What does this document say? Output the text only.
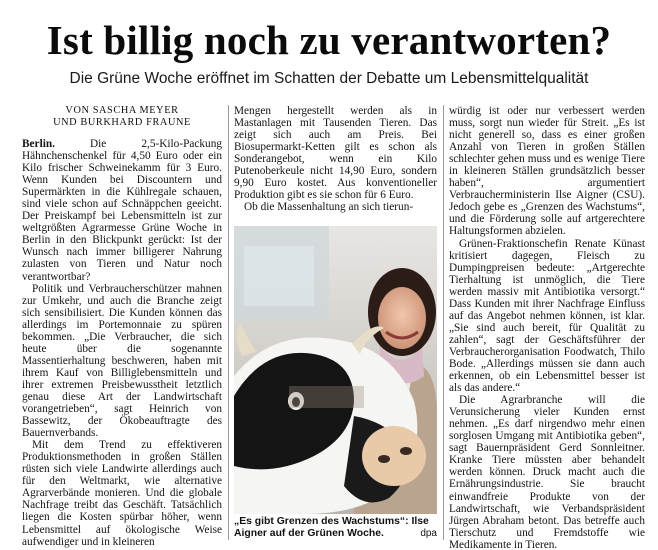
Ist billig noch zu verantworten?
Die Grüne Woche eröffnet im Schatten der Debatte um Lebensmittelqualität
VON SASCHA MEYER
UND BURKHARD FRAUNE

Berlin. Die 2,5-Kilo-Packung Hähnchenschenkel für 4,50 Euro oder ein Kilo frischer Schweinekamm für 3 Euro. Wenn Kunden bei Discountern und Supermärkten in die Kühlregale schauen, sind viele schon auf Schnäppchen geeicht. Der Preiskampf bei Lebensmitteln ist zur weltgrößten Agrarmesse Grüne Woche in Berlin in den Blickpunkt gerückt: Ist der Wunsch nach immer billigerer Nahrung zulasten von Tieren und Natur noch verantwortbar?

Politik und Verbraucherschützer mahnen zur Umkehr, und auch die Branche zeigt sich sensibilisiert. Die Kunden können das allerdings im Portemonnaie zu spüren bekommen. „Die Verbraucher, die sich heute über die sogenannte Massentierhaltung beschweren, haben mit ihrem Kauf von Billiglebensmitteln und ihrer extremen Preisbewusstheit letztlich genau diese Art der Landwirtschaft vorangetrieben“, sagt Heinrich von Bassewitz, der Ökobeauftragte des Bauernverbands.

Mit dem Trend zu effektiveren Produktionsmethoden in großen Ställen rüsten sich viele Landwirte allerdings auch für den Weltmarkt, wie alternative Agrarverbände monieren. Und die globale Nachfrage treibt das Geschäft. Tatsächlich liegen die Kosten spürbar höher, wenn Lebensmittel auf ökologische Weise aufwendiger und in kleineren

Mengen hergestellt werden als in Mastanlagen mit Tausenden Tieren. Das zeigt sich auch am Preis. Bei Biosupermarkt-Ketten gilt es schon als Sonderangebot, wenn ein Kilo Putenoberkeule nicht 14,90 Euro, sondern 9,90 Euro kostet. Aus konventioneller Produktion gibt es sie schon für 6 Euro.

Ob die Massenhaltung an sich tierun-

„Es gibt Grenzen des Wachstums“: Ilse Aigner auf der Grünen Woche.	dpa

würdig ist oder nur verbessert werden muss, sorgt nun wieder für Streit. „Es ist nicht generell so, dass es einer großen Anzahl von Tieren in großen Ställen schlechter gehen muss und es wenige Tiere in kleineren Ställen grundsätzlich besser haben“, argumentiert Verbraucherministerin Ilse Aigner (CSU). Jedoch gebe es „Grenzen des Wachstums“, und die Förderung solle auf artgerechtere Haltungsformen abzielen.

Grünen-Fraktionschefin Renate Künast kritisiert dagegen, Fleisch zu Dumpingpreisen bedeute: „Artgerechte Tierhaltung ist unmöglich, die Tiere werden massiv mit Antibiotika versorgt.“ Dass Kunden mit ihrer Nachfrage Einfluss auf das Angebot nehmen können, ist klar. „Sie sind auch bereit, für Qualität zu zahlen“, sagt der Geschäftsführer der Verbraucherorganisation Foodwatch, Thilo Bode. „Allerdings müssen sie dann auch erkennen, ob ein Lebensmittel besser ist als das andere.“

Die Agrarbranche will die Verunsicherung vieler Kunden ernst nehmen. „Es darf nirgendwo mehr einen sorglosen Umgang mit Antibiotika geben“, sagt Bauernpräsident Gerd Sonnleitner. Kranke Tiere müssten aber behandelt werden können. Druck macht auch die Ernährungsindustrie. Sie braucht einwandfreie Produkte von der Landwirtschaft, wie Verbandspräsident Jürgen Abraham betont. Das betreffe auch Tierschutz und Fremdstoffe wie Medikamente in Tieren.
